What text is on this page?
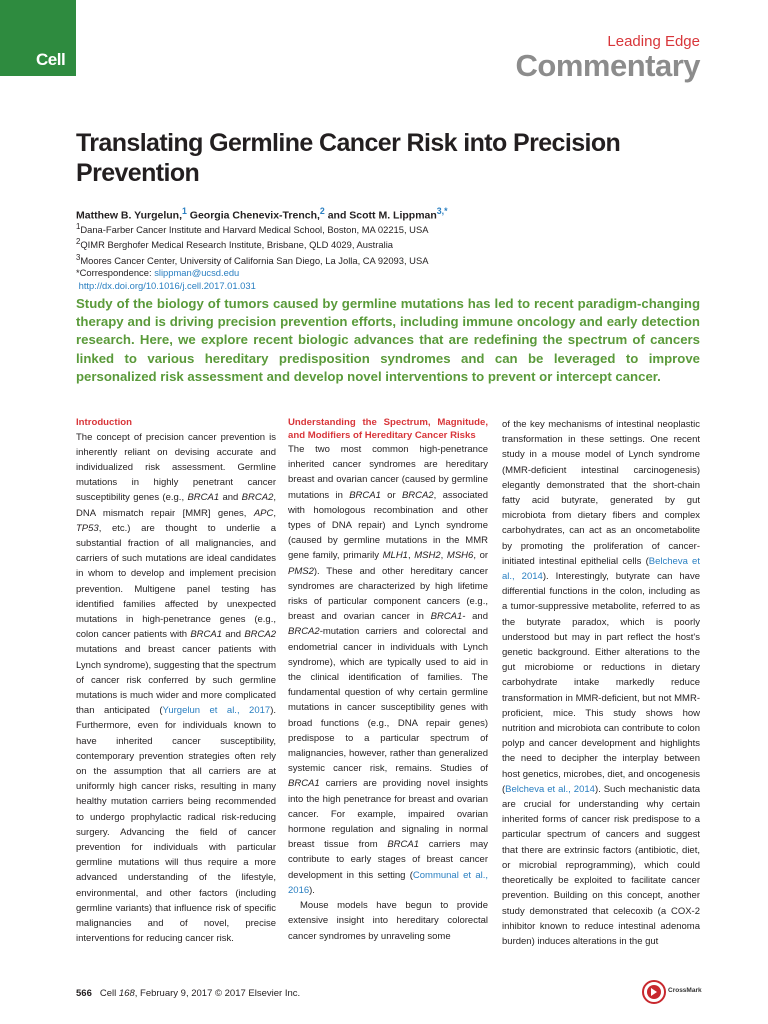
Cell
Leading Edge
Commentary
Translating Germline Cancer Risk into Precision Prevention
Matthew B. Yurgelun,$^1$ Georgia Chenevix-Trench,$^2$ and Scott M. Lippman$^{3,*}$
$^1$Dana-Farber Cancer Institute and Harvard Medical School, Boston, MA 02215, USA
$^2$QIMR Berghofer Medical Research Institute, Brisbane, QLD 4029, Australia
$^3$Moores Cancer Center, University of California San Diego, La Jolla, CA 92093, USA
*Correspondence: slippman@ucsd.edu
http://dx.doi.org/10.1016/j.cell.2017.01.031

Study of the biology of tumors caused by germline mutations has led to recent paradigm-changing therapy and is driving precision prevention efforts, including immune oncology and early detection research. Here, we explore recent biologic advances that are redefining the spectrum of cancers linked to various hereditary predisposition syndromes and can be leveraged to improve personalized risk assessment and develop novel interventions to prevent or intercept cancer.

Introduction

The concept of precision cancer prevention is inherently reliant on devising accurate and individualized risk assessment. Germline mutations in highly penetrant cancer susceptibility genes (e.g., BRCA1 and BRCA2, DNA mismatch repair [MMR] genes, APC, TP53, etc.) are thought to underlie a substantial fraction of all malignancies, and carriers of such mutations are ideal candidates in whom to develop and implement precision prevention. Multigene panel testing has identified families affected by unexpected mutations in high-penetrance genes (e.g., colon cancer patients with BRCA1 and BRCA2 mutations and breast cancer patients with Lynch syndrome), suggesting that the spectrum of cancer risk conferred by such germline mutations is much wider and more complicated than anticipated (Yurgelun et al., 2017). Furthermore, even for individuals known to have inherited cancer susceptibility, contemporary prevention strategies often rely on the assumption that all carriers are at uniformly high cancer risks, resulting in many healthy mutation carriers being recommended to undergo prophylactic radical risk-reducing surgery. Advancing the field of cancer prevention for individuals with particular germline mutations will thus require a more advanced understanding of the lifestyle, environmental, and other factors (including germline variants) that influence risk of specific malignancies and of novel, precise interventions for reducing cancer risk.

Understanding the Spectrum, Magnitude, and Modifiers of Hereditary Cancer Risks

The two most common high-penetrance inherited cancer syndromes are hereditary breast and ovarian cancer (caused by germline mutations in BRCA1 or BRCA2, associated with homologous recombination and other types of DNA repair) and Lynch syndrome (caused by germline mutations in the MMR gene family, primarily MLH1, MSH2, MSH6, or PMS2). These and other hereditary cancer syndromes are characterized by high lifetime risks of particular component cancers (e.g., breast and ovarian cancer in BRCA1- and BRCA2-mutation carriers and colorectal and endometrial cancer in individuals with Lynch syndrome), which are typically used to aid in the clinical identification of families. The fundamental question of why certain germline mutations in cancer susceptibility genes with broad functions (e.g., DNA repair genes) predispose to a particular spectrum of malignancies, however, rather than generalized systemic cancer risk, remains. Studies of BRCA1 carriers are providing novel insights into the high penetrance for breast and ovarian cancer. For example, impaired ovarian hormone regulation and signaling in normal breast tissue from BRCA1 carriers may contribute to early stages of breast cancer development in this setting (Communal et al., 2016).

Mouse models have begun to provide extensive insight into hereditary colorectal cancer syndromes by unraveling some

of the key mechanisms of intestinal neoplastic transformation in these settings. One recent study in a mouse model of Lynch syndrome (MMR-deficient intestinal carcinogenesis) elegantly demonstrated that the short-chain fatty acid butyrate, generated by gut microbiota from dietary fibers and complex carbohydrates, can act as an oncometabolite by promoting the proliferation of cancer-initiated intestinal epithelial cells (Belcheva et al., 2014). Interestingly, butyrate can have differential functions in the colon, including as a tumor-suppressive metabolite, referred to as the butyrate paradox, which is poorly understood but may in part reflect the host's genetic background. Either alterations to the gut microbiome or reductions in dietary carbohydrate intake markedly reduce transformation in MMR-deficient, but not MMR-proficient, mice. This study shows how nutrition and microbiota can contribute to colon polyp and cancer development and highlights the need to decipher the interplay between host genetics, microbes, diet, and oncogenesis (Belcheva et al., 2014). Such mechanistic data are crucial for understanding why certain inherited forms of cancer risk predispose to a particular spectrum of cancers and suggest that there are extrinsic factors (antibiotic, diet, or microbial reprogramming), which could theoretically be exploited to facilitate cancer prevention. Building on this concept, another study demonstrated that celecoxib (a COX-2 inhibitor known to reduce intestinal adenoma burden) induces alterations in the gut

566 Cell 168, February 9, 2017 © 2017 Elsevier Inc.	CrossMark
